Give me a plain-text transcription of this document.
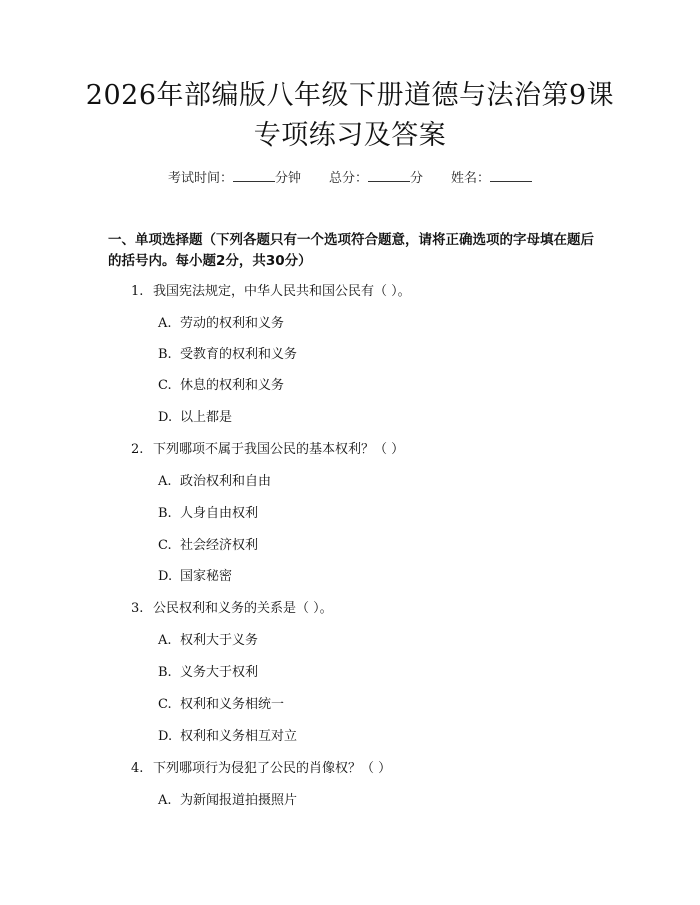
2026年部编版八年级下册道德与法治第9课
专项练习及答案
考试时间：	分钟 总分：	分 姓名：
一、单项选择题（下列各题只有一个选项符合题意，请将正确选项的字母填在题后的括号内。每小题2分，共30分）
1. 我国宪法规定，中华人民共和国公民有（ ）。
A. 劳动的权利和义务
B. 受教育的权利和义务
C. 休息的权利和义务
D. 以上都是
2. 下列哪项不属于我国公民的基本权利？（ ）
A. 政治权利和自由
B. 人身自由权利
C. 社会经济权利
D. 国家秘密
3. 公民权利和义务的关系是（ ）。
A. 权利大于义务
B. 义务大于权利
C. 权利和义务相统一
D. 权利和义务相互对立
4. 下列哪项行为侵犯了公民的肖像权？（ ）
A. 为新闻报道拍摄照片
